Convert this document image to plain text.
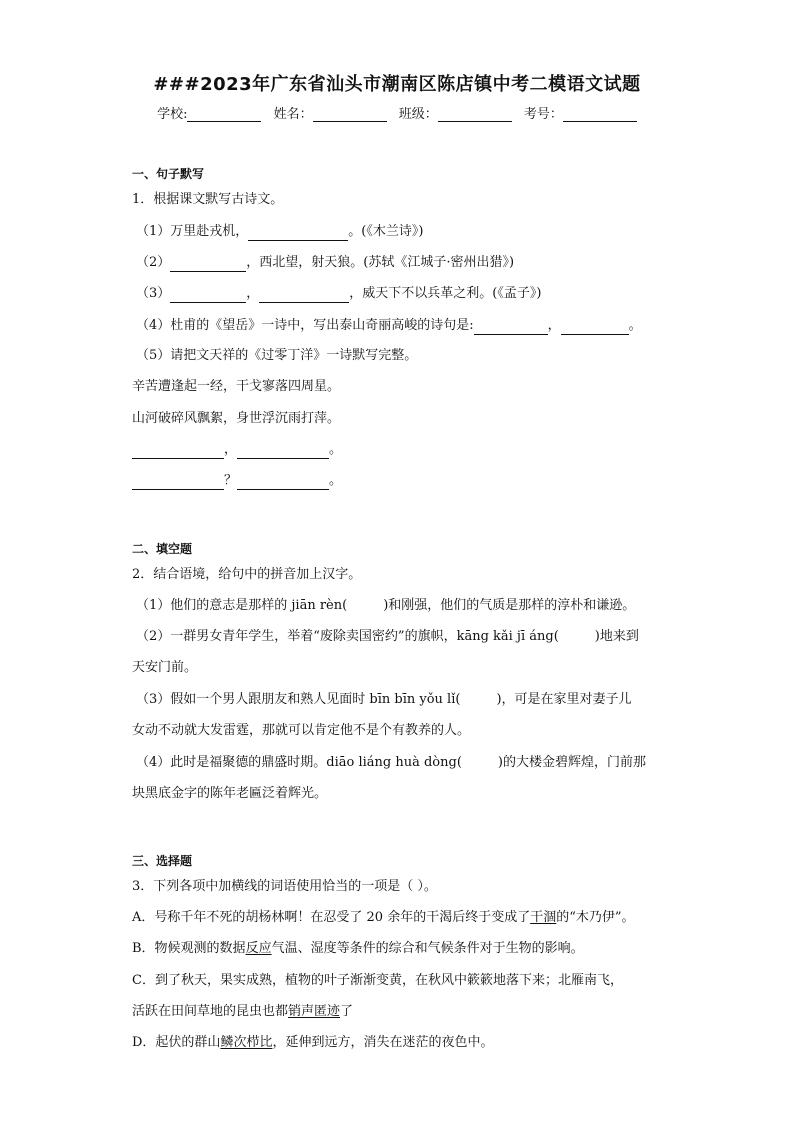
###2023年广东省汕头市潮南区陈店镇中考二模语文试题
学校:	姓名：	班级：	考号：
一、句子默写
1．根据课文默写古诗文。
（1）万里赴戎机，	。(《木兰诗》)
（2）	，西北望，射天狼。(苏轼《江城子·密州出猎》)
（3）	，	，威天下不以兵革之利。(《孟子》)
（4）杜甫的《望岳》一诗中，写出泰山奇丽高峻的诗句是:	，	。
（5）请把文天祥的《过零丁洋》一诗默写完整。
辛苦遭逢起一经，干戈寥落四周星。
山河破碎风飘絮，身世浮沉雨打萍。
，	。
？	。
二、填空题
2．结合语境，给句中的拼音加上汉字。
（1）他们的意志是那样的 jiān rèn(	)和刚强，他们的气质是那样的淳朴和谦逊。
（2）一群男女青年学生，举着“废除卖国密约”的旗帜，kāng kǎi jī áng(	)地来到
天安门前。
（3）假如一个男人跟朋友和熟人见面时 bīn bīn yǒu lǐ(	)，可是在家里对妻子儿
女动不动就大发雷霆，那就可以肯定他不是个有教养的人。
（4）此时是福聚德的鼎盛时期。diāo liáng huà dòng(	)的大楼金碧辉煌，门前那
块黑底金字的陈年老匾泛着辉光。
三、选择题
3．下列各项中加横线的词语使用恰当的一项是（ ）。
A．号称千年不死的胡杨林啊！在忍受了 20 余年的干渴后终于变成了干涸的“木乃伊”。
B．物候观测的数据反应气温、湿度等条件的综合和气候条件对于生物的影响。
C．到了秋天，果实成熟，植物的叶子渐渐变黄，在秋风中簌簌地落下来；北雁南飞，
活跃在田间草地的昆虫也都销声匿迹了
D．起伏的群山鳞次栉比，延伸到远方，消失在迷茫的夜色中。
